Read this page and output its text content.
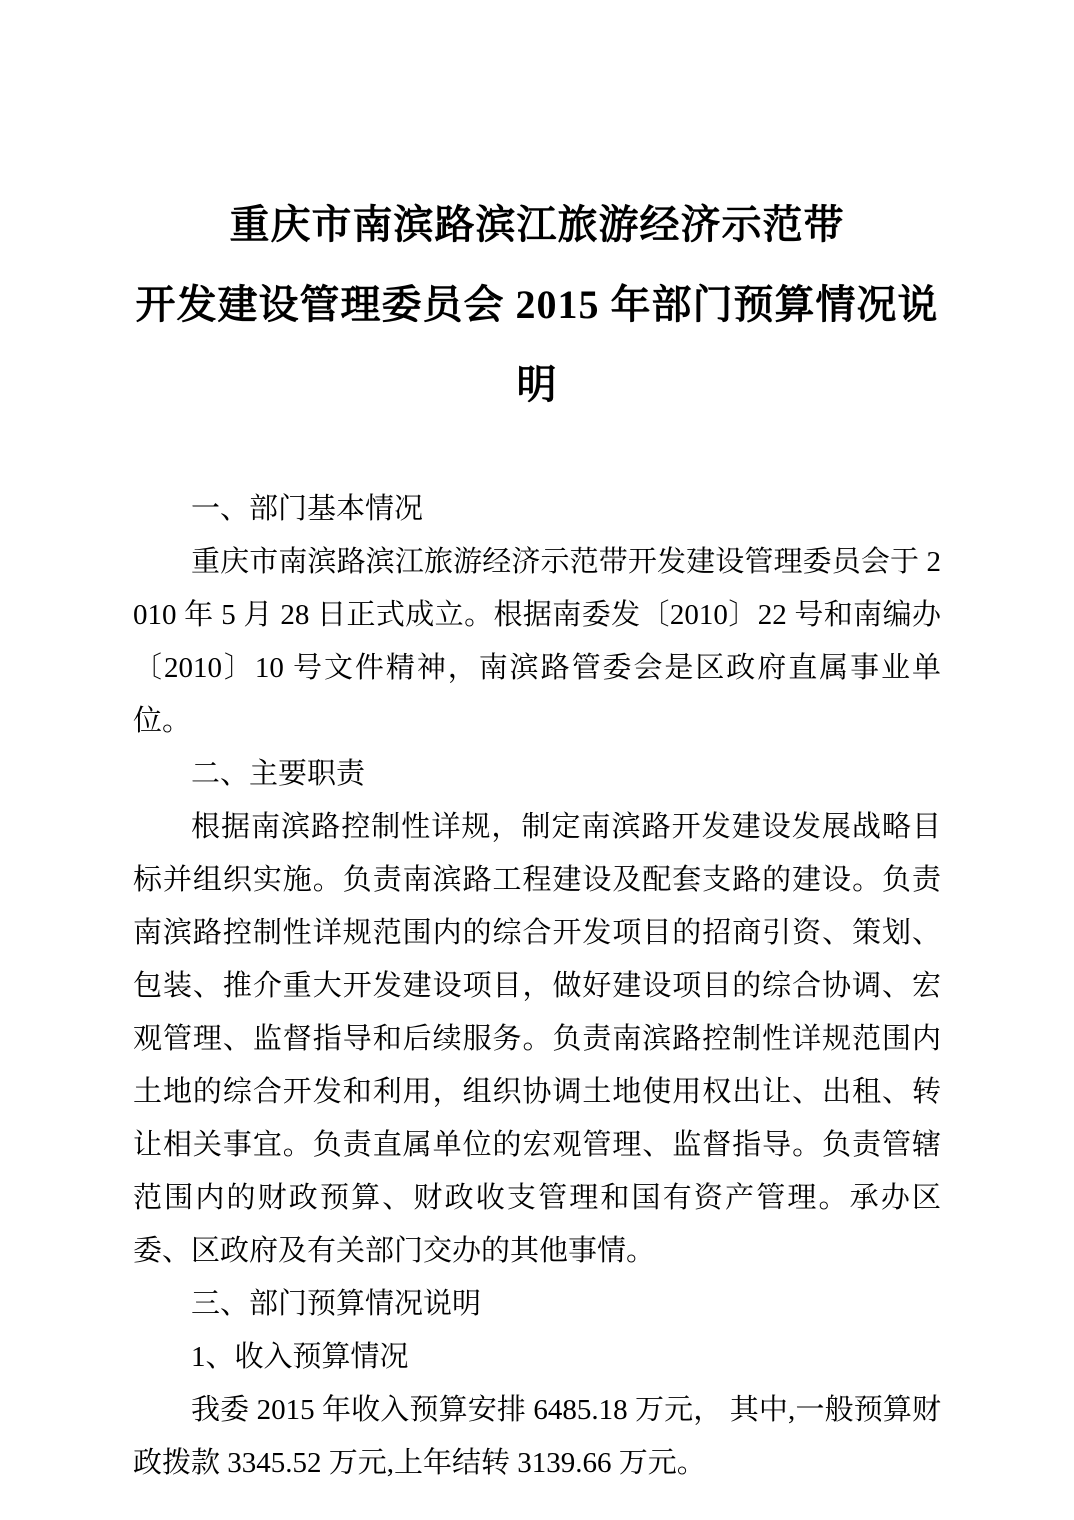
重庆市南滨路滨江旅游经济示范带
开发建设管理委员会 2015 年部门预算情况说明

一、部门基本情况

重庆市南滨路滨江旅游经济示范带开发建设管理委员会于 2010 年 5 月 28 日正式成立。根据南委发〔2010〕22 号和南编办〔2010〕10 号文件精神，南滨路管委会是区政府直属事业单位。

二、主要职责

根据南滨路控制性详规，制定南滨路开发建设发展战略目标并组织实施。负责南滨路工程建设及配套支路的建设。负责南滨路控制性详规范围内的综合开发项目的招商引资、策划、包装、推介重大开发建设项目，做好建设项目的综合协调、宏观管理、监督指导和后续服务。负责南滨路控制性详规范围内土地的综合开发和利用，组织协调土地使用权出让、出租、转让相关事宜。负责直属单位的宏观管理、监督指导。负责管辖范围内的财政预算、财政收支管理和国有资产管理。承办区委、区政府及有关部门交办的其他事情。

三、部门预算情况说明

1、收入预算情况

我委 2015 年收入预算安排 6485.18 万元， 其中,一般预算财政拨款 3345.52 万元,上年结转 3139.66 万元。
